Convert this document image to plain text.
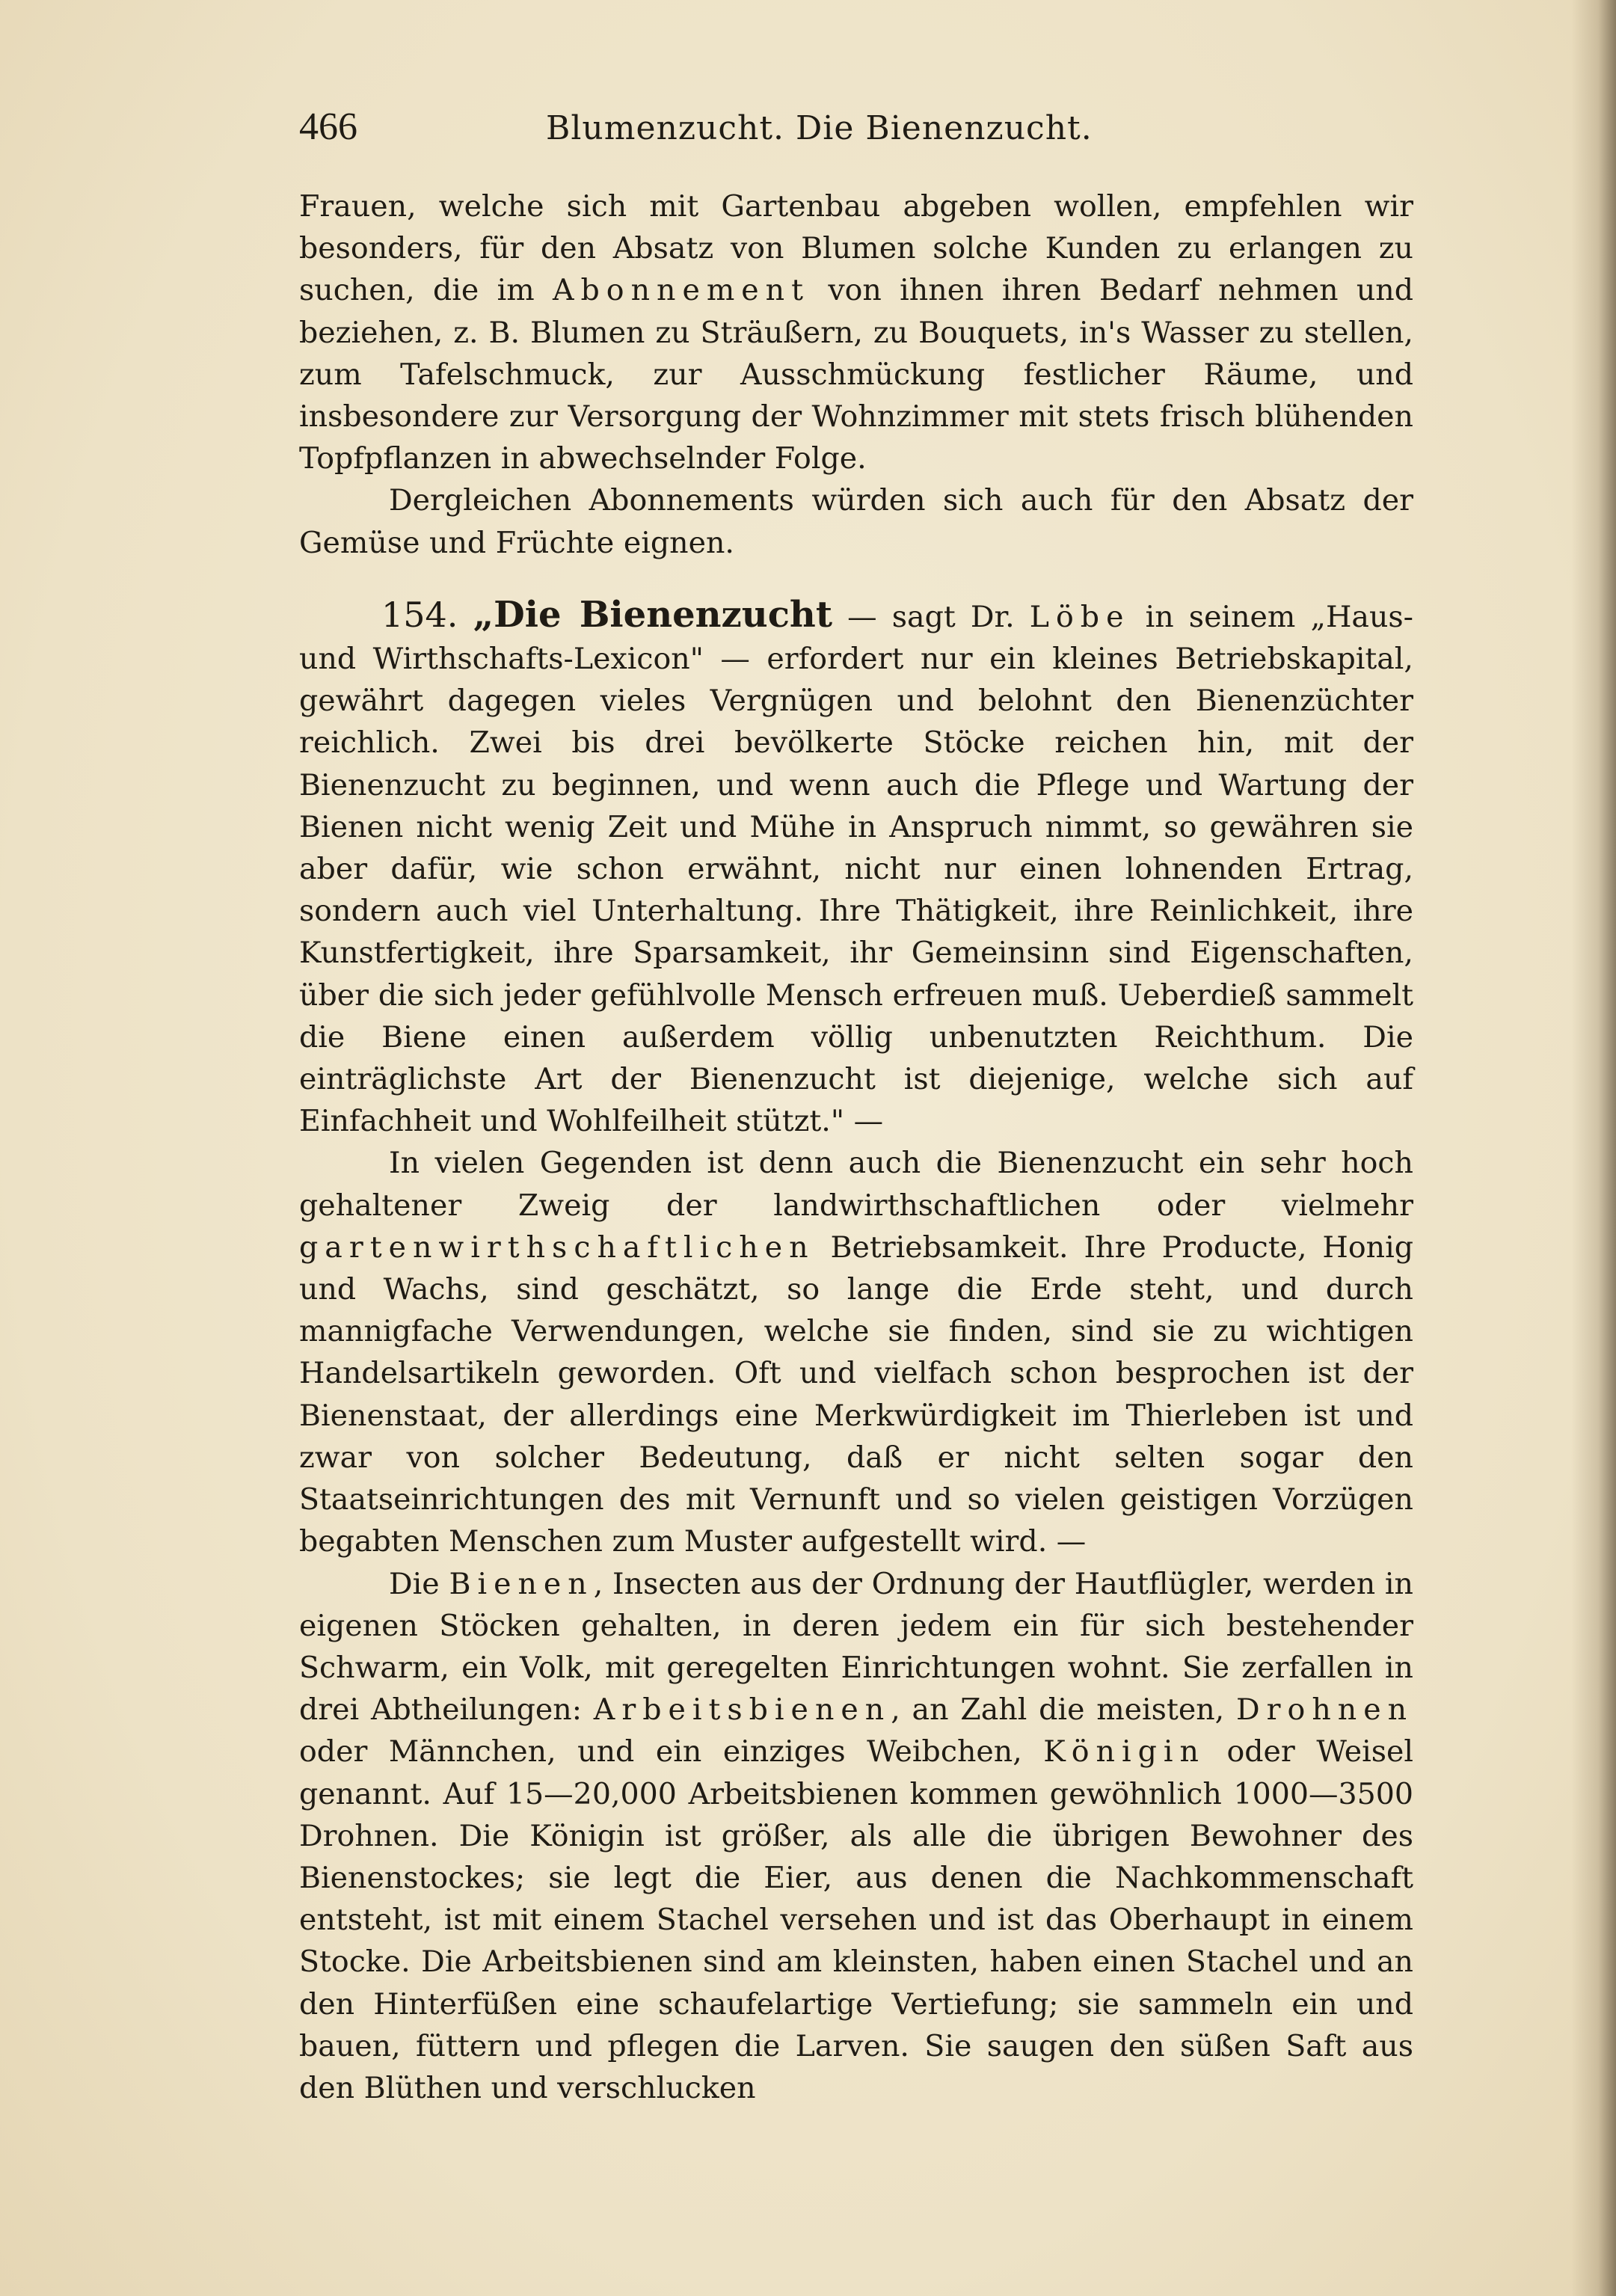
466	Blumenzucht. Die Bienenzucht.

Frauen, welche sich mit Gartenbau abgeben wollen, empfehlen wir besonders, für den Absatz von Blumen solche Kunden zu erlangen zu suchen, die im Abonnement von ihnen ihren Bedarf nehmen und beziehen, z. B. Blumen zu Sträußern, zu Bouquets, in's Wasser zu stellen, zum Tafelschmuck, zur Ausschmückung festlicher Räume, und insbesondere zur Versorgung der Wohnzimmer mit stets frisch blühenden Topfpflanzen in abwechselnder Folge.

Dergleichen Abonnements würden sich auch für den Absatz der Gemüse und Früchte eignen.

154. „Die Bienenzucht — sagt Dr. Löbe in seinem „Haus- und Wirthschafts-Lexicon" — erfordert nur ein kleines Betriebskapital, gewährt dagegen vieles Vergnügen und belohnt den Bienenzüchter reichlich. Zwei bis drei bevölkerte Stöcke reichen hin, mit der Bienenzucht zu beginnen, und wenn auch die Pflege und Wartung der Bienen nicht wenig Zeit und Mühe in Anspruch nimmt, so gewähren sie aber dafür, wie schon erwähnt, nicht nur einen lohnenden Ertrag, sondern auch viel Unterhaltung. Ihre Thätigkeit, ihre Reinlichkeit, ihre Kunstfertigkeit, ihre Sparsamkeit, ihr Gemeinsinn sind Eigenschaften, über die sich jeder gefühlvolle Mensch erfreuen muß. Ueberdieß sammelt die Biene einen außerdem völlig unbenutzten Reichthum. Die einträglichste Art der Bienenzucht ist diejenige, welche sich auf Einfachheit und Wohlfeilheit stützt." —

In vielen Gegenden ist denn auch die Bienenzucht ein sehr hoch gehaltener Zweig der landwirthschaftlichen oder vielmehr gartenwirthschaftlichen Betriebsamkeit. Ihre Producte, Honig und Wachs, sind geschätzt, so lange die Erde steht, und durch mannigfache Verwendungen, welche sie finden, sind sie zu wichtigen Handelsartikeln geworden. Oft und vielfach schon besprochen ist der Bienenstaat, der allerdings eine Merkwürdigkeit im Thierleben ist und zwar von solcher Bedeutung, daß er nicht selten sogar den Staatseinrichtungen des mit Vernunft und so vielen geistigen Vorzügen begabten Menschen zum Muster aufgestellt wird. —

Die Bienen, Insecten aus der Ordnung der Hautflügler, werden in eigenen Stöcken gehalten, in deren jedem ein für sich bestehender Schwarm, ein Volk, mit geregelten Einrichtungen wohnt. Sie zerfallen in drei Abtheilungen: Arbeitsbienen, an Zahl die meisten, Drohnen oder Männchen, und ein einziges Weibchen, Königin oder Weisel genannt. Auf 15—20,000 Arbeitsbienen kommen gewöhnlich 1000—3500 Drohnen. Die Königin ist größer, als alle die übrigen Bewohner des Bienenstockes; sie legt die Eier, aus denen die Nachkommenschaft entsteht, ist mit einem Stachel versehen und ist das Oberhaupt in einem Stocke. Die Arbeitsbienen sind am kleinsten, haben einen Stachel und an den Hinterfüßen eine schaufelartige Vertiefung; sie sammeln ein und bauen, füttern und pflegen die Larven. Sie saugen den süßen Saft aus den Blüthen und verschlucken
